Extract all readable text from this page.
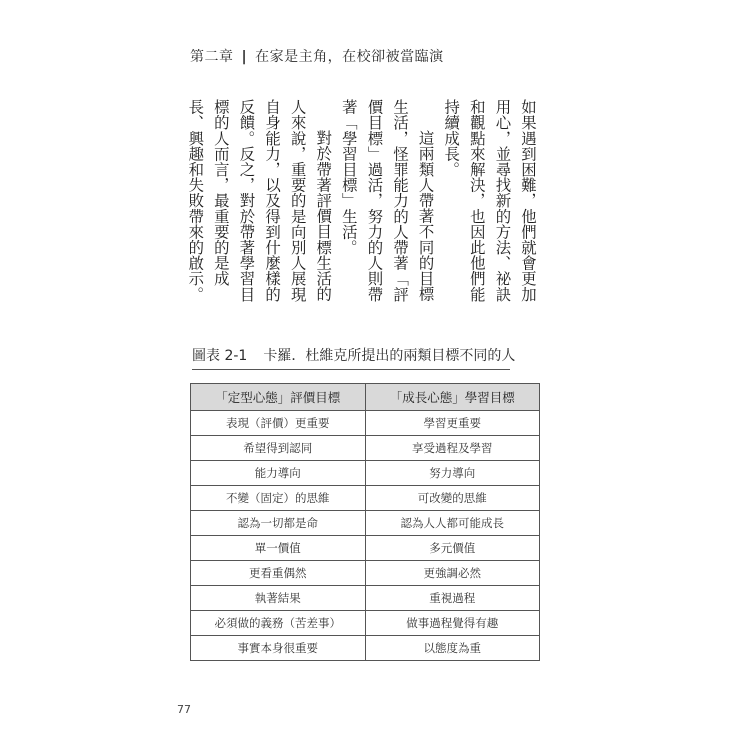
第二章 | 在家是主角，在校卻被當臨演

如果遇到困難，他們就會更加用心，並尋找新的方法、祕訣和觀點來解決，也因此他們能持續成長。

這兩類人帶著不同的目標生活，怪罪能力的人帶著「評價目標」過活，努力的人則帶著「學習目標」生活。

對於帶著評價目標生活的人來說，重要的是向別人展現自身能力，以及得到什麼樣的反饋。反之，對於帶著學習目標的人而言，最重要的是成長、興趣和失敗帶來的啟示。

圖表 2-1 卡羅．杜維克所提出的兩類目標不同的人
「定型心態」評價目標	「成長心態」學習目標
表現（評價）更重要	學習更重要
希望得到認同	享受過程及學習
能力導向	努力導向
不變（固定）的思維	可改變的思維
認為一切都是命	認為人人都可能成長
單一價值	多元價值
更看重偶然	更強調必然
執著結果	重視過程
必須做的義務（苦差事）	做事過程覺得有趣
事實本身很重要	以態度為重
77
